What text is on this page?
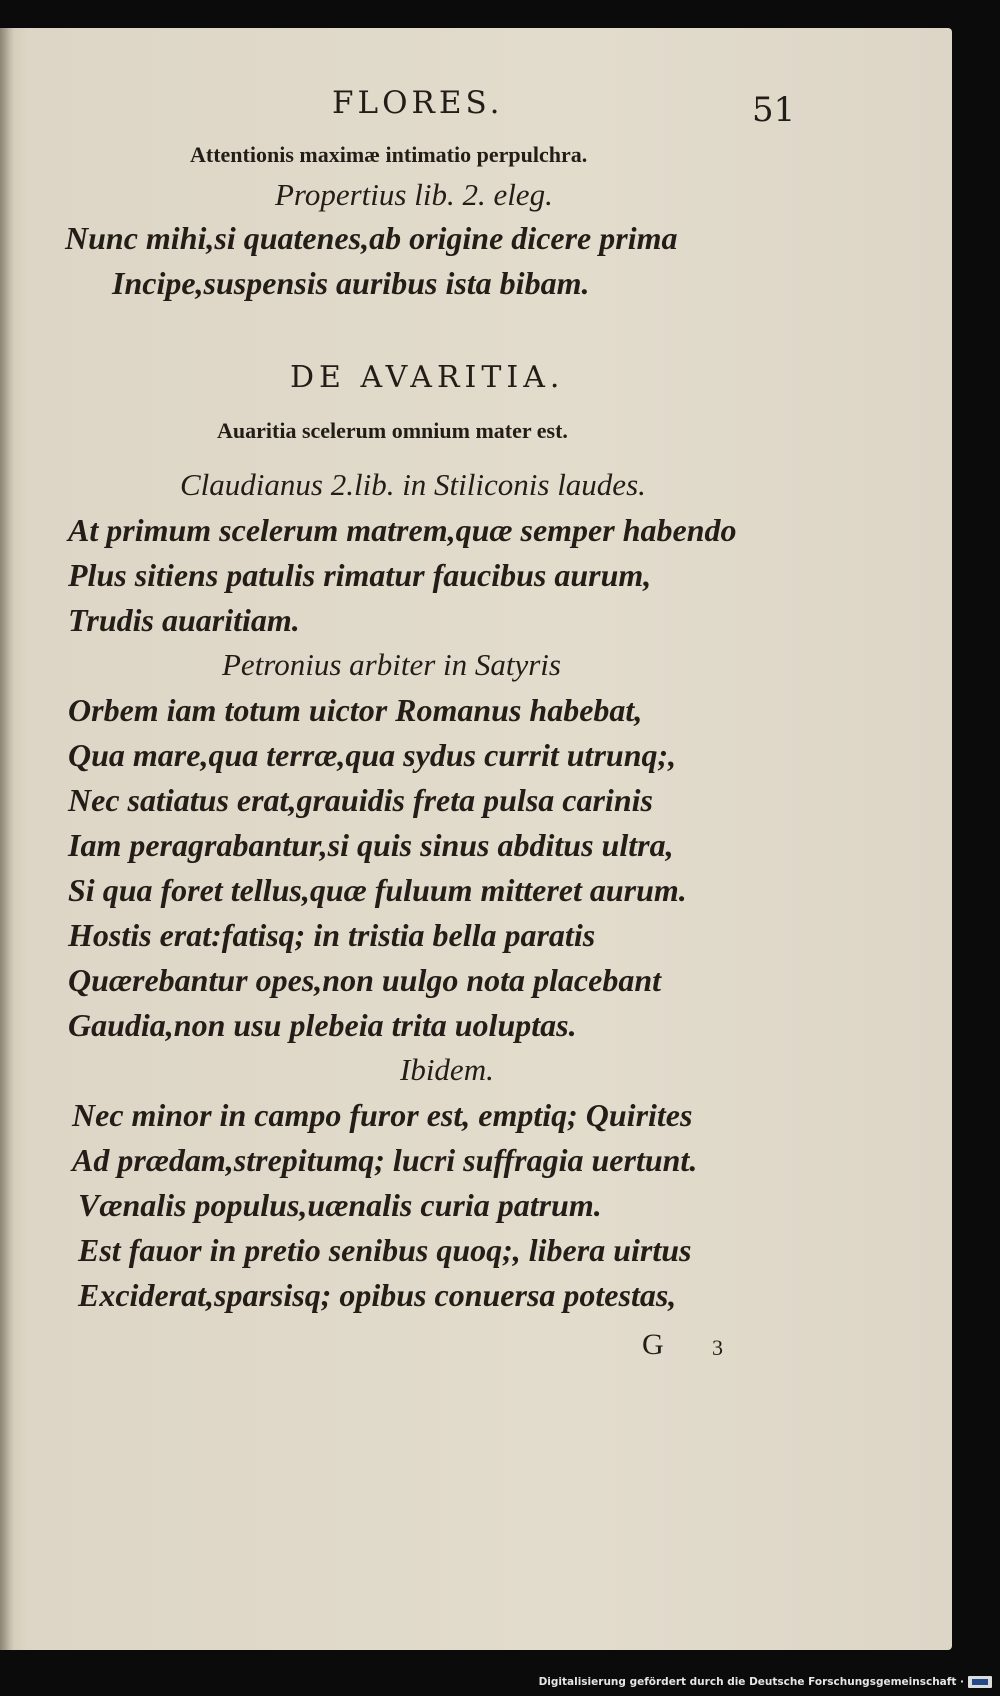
FLORES.	51
Attentionis maximæ intimatio perpulchra.
Propertius lib. 2. eleg.
Nunc mihi,si quatenes,ab origine dicere prima
Incipe,suspensis auribus ista bibam.
DE AVARITIA.
Auaritia scelerum omnium mater est.
Claudianus 2.lib. in Stiliconis laudes.
At primum scelerum matrem,quæ semper habendo
Plus sitiens patulis rimatur faucibus aurum,
Trudis auaritiam.
Petronius arbiter in Satyris
Orbem iam totum uictor Romanus habebat,
Qua mare,qua terræ,qua sydus currit utrunq;,
Nec satiatus erat,grauidis freta pulsa carinis
Iam peragrabantur,si quis sinus abditus ultra,
Si qua foret tellus,quæ fuluum mitteret aurum.
Hostis erat:fatisq; in tristia bella paratis
Quærebantur opes,non uulgo nota placebant
Gaudia,non usu plebeia trita uoluptas.
Ibidem.
Nec minor in campo furor est, emptiq; Quirites
Ad prædam,strepitumq; lucri suffragia uertunt.
Vænalis populus,uænalis curia patrum.
Est fauor in pretio senibus quoq;, libera uirtus
Exciderat,sparsisq; opibus conuersa potestas,
G 3
Digitalisierung gefördert durch die Deutsche Forschungsgemeinschaft ·
